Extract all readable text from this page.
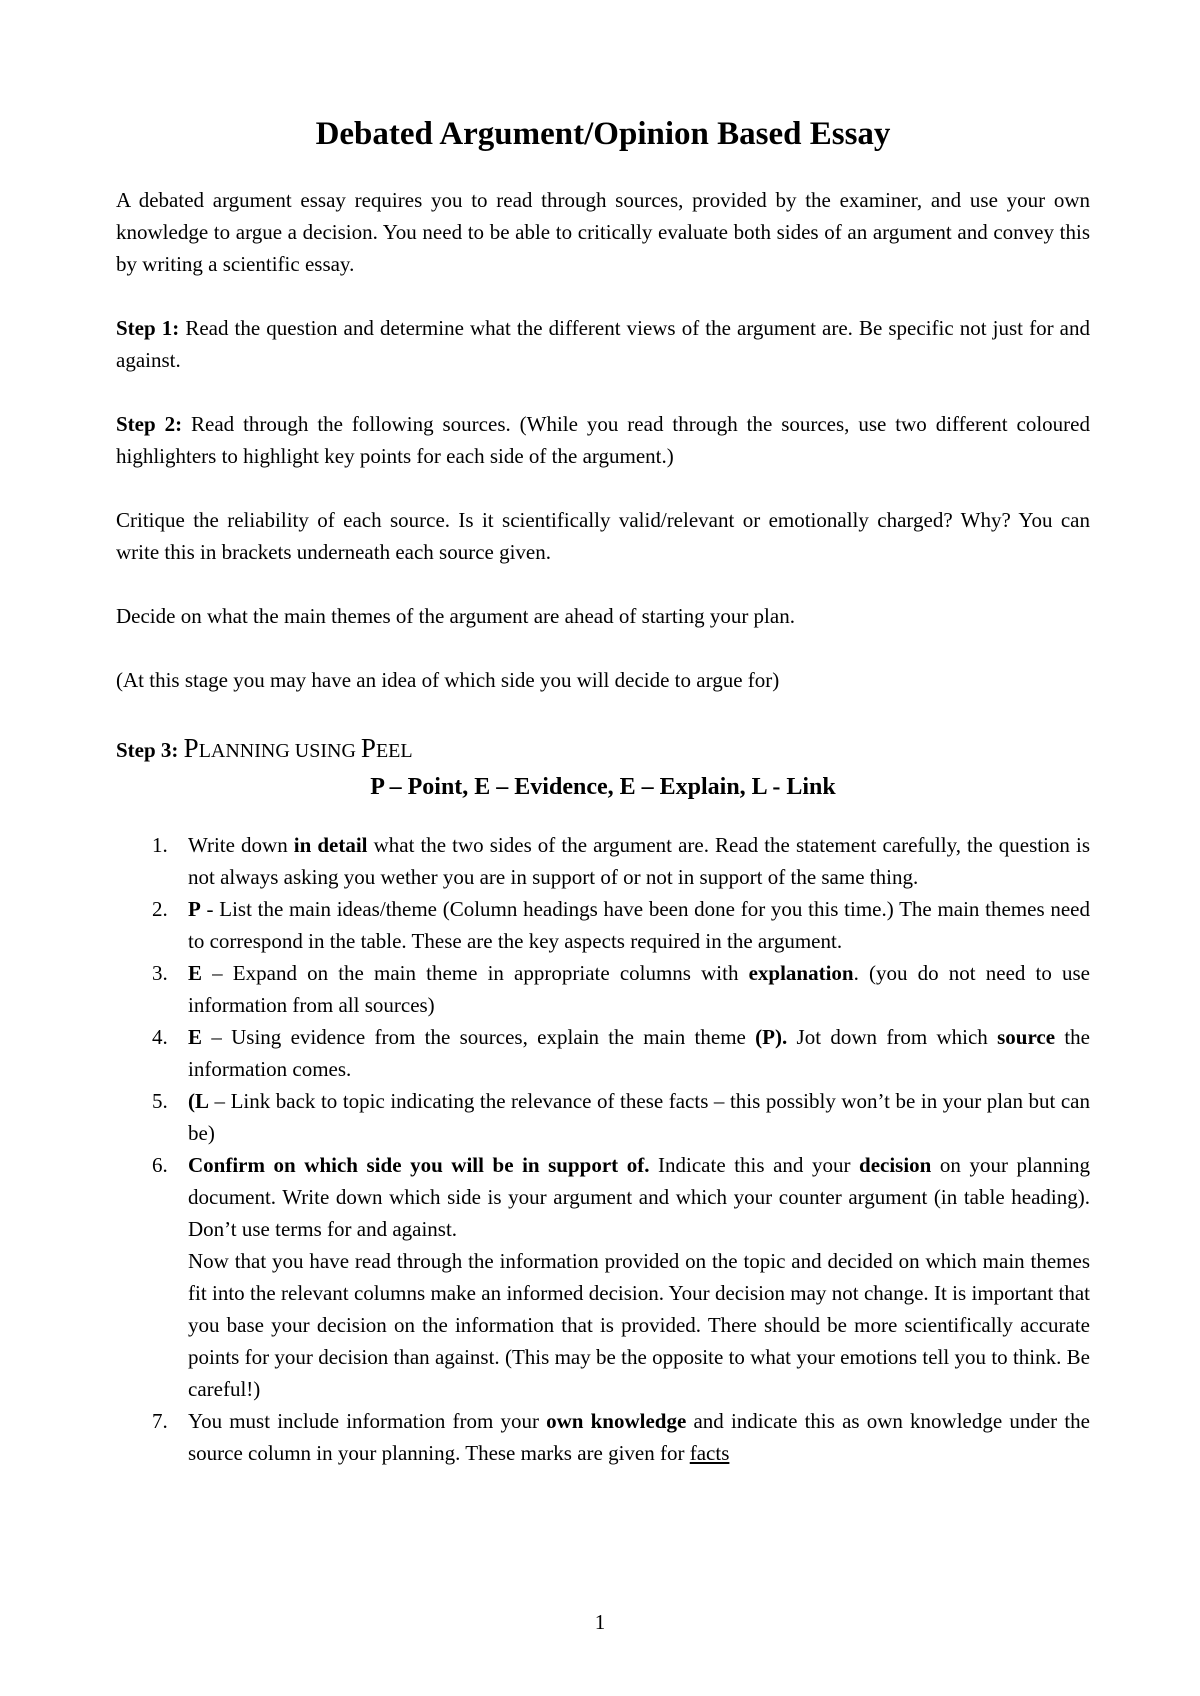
Debated Argument/Opinion Based Essay

A debated argument essay requires you to read through sources, provided by the examiner, and use your own knowledge to argue a decision. You need to be able to critically evaluate both sides of an argument and convey this by writing a scientific essay.

Step 1: Read the question and determine what the different views of the argument are. Be specific not just for and against.

Step 2: Read through the following sources. (While you read through the sources, use two different coloured highlighters to highlight key points for each side of the argument.)

Critique the reliability of each source. Is it scientifically valid/relevant or emotionally charged? Why? You can write this in brackets underneath each source given.

Decide on what the main themes of the argument are ahead of starting your plan.

(At this stage you may have an idea of which side you will decide to argue for)

Step 3: PLANNING USING PEEL
P – Point, E – Evidence, E – Explain, L - Link
1. Write down in detail what the two sides of the argument are. Read the statement carefully, the question is not always asking you wether you are in support of or not in support of the same thing.
2. P - List the main ideas/theme (Column headings have been done for you this time.) The main themes need to correspond in the table. These are the key aspects required in the argument.
3. E – Expand on the main theme in appropriate columns with explanation. (you do not need to use information from all sources)
4. E – Using evidence from the sources, explain the main theme (P). Jot down from which source the information comes.
5. (L – Link back to topic indicating the relevance of these facts – this possibly won’t be in your plan but can be)
6. Confirm on which side you will be in support of. Indicate this and your decision on your planning document. Write down which side is your argument and which your counter argument (in table heading). Don’t use terms for and against.
Now that you have read through the information provided on the topic and decided on which main themes fit into the relevant columns make an informed decision. Your decision may not change. It is important that you base your decision on the information that is provided. There should be more scientifically accurate points for your decision than against. (This may be the opposite to what your emotions tell you to think. Be careful!)
7. You must include information from your own knowledge and indicate this as own knowledge under the source column in your planning. These marks are given for facts
1
